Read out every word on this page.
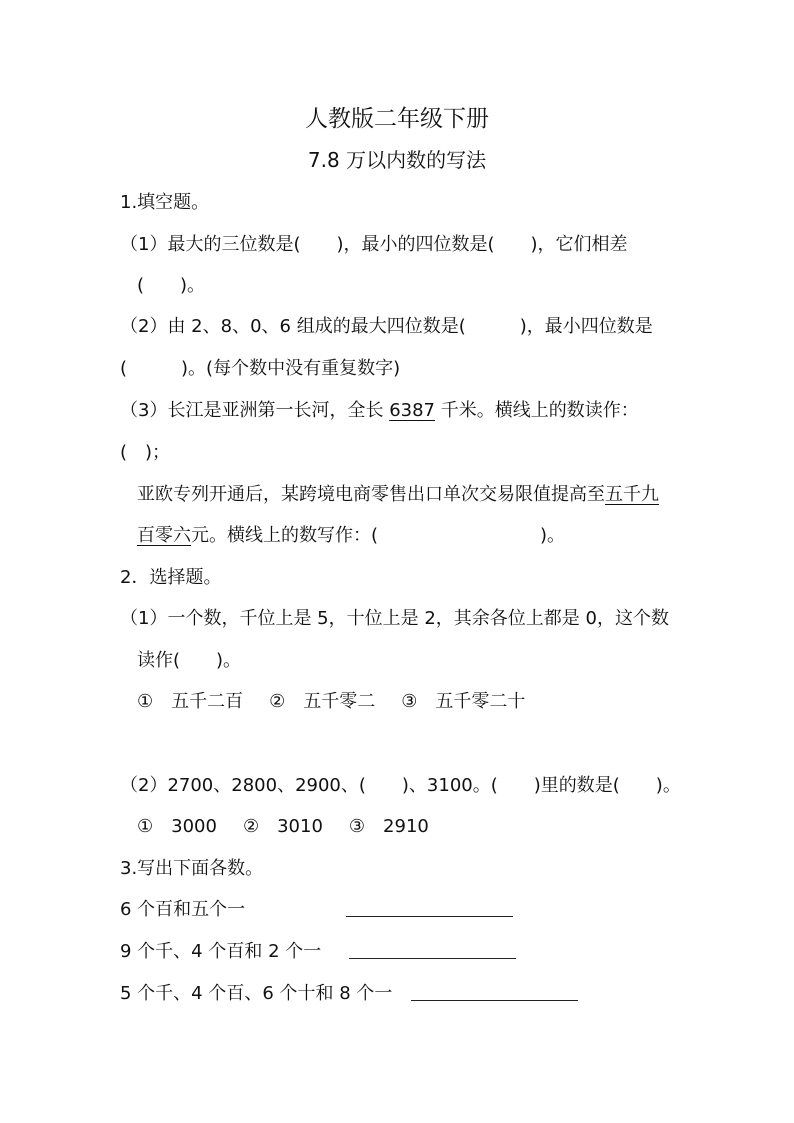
人教版二年级下册
7.8 万以内数的写法
1.填空题。
（1）最大的三位数是(　　)，最小的四位数是(　　)，它们相差
(　　)。
（2）由 2、8、0、6 组成的最大四位数是(　　　)，最小四位数是
(　　　)。(每个数中没有重复数字)
（3）长江是亚洲第一长河，全长 6387 千米。横线上的数读作：
(　)；
亚欧专列开通后，某跨境电商零售出口单次交易限值提高至五千九
百零六元。横线上的数写作：(　　　　　　　　　)。
2．选择题。
（1）一个数，千位上是 5，十位上是 2，其余各位上都是 0，这个数
读作(　　)。
①　五千二百 ②　五千零二 ③　五千零二十
（2）2700、2800、2900、(　　)、3100。(　　)里的数是(　　)。
①　3000 ②　3010 ③　2910
3.写出下面各数。
6 个百和五个一
9 个千、4 个百和 2 个一
5 个千、4 个百、6 个十和 8 个一
